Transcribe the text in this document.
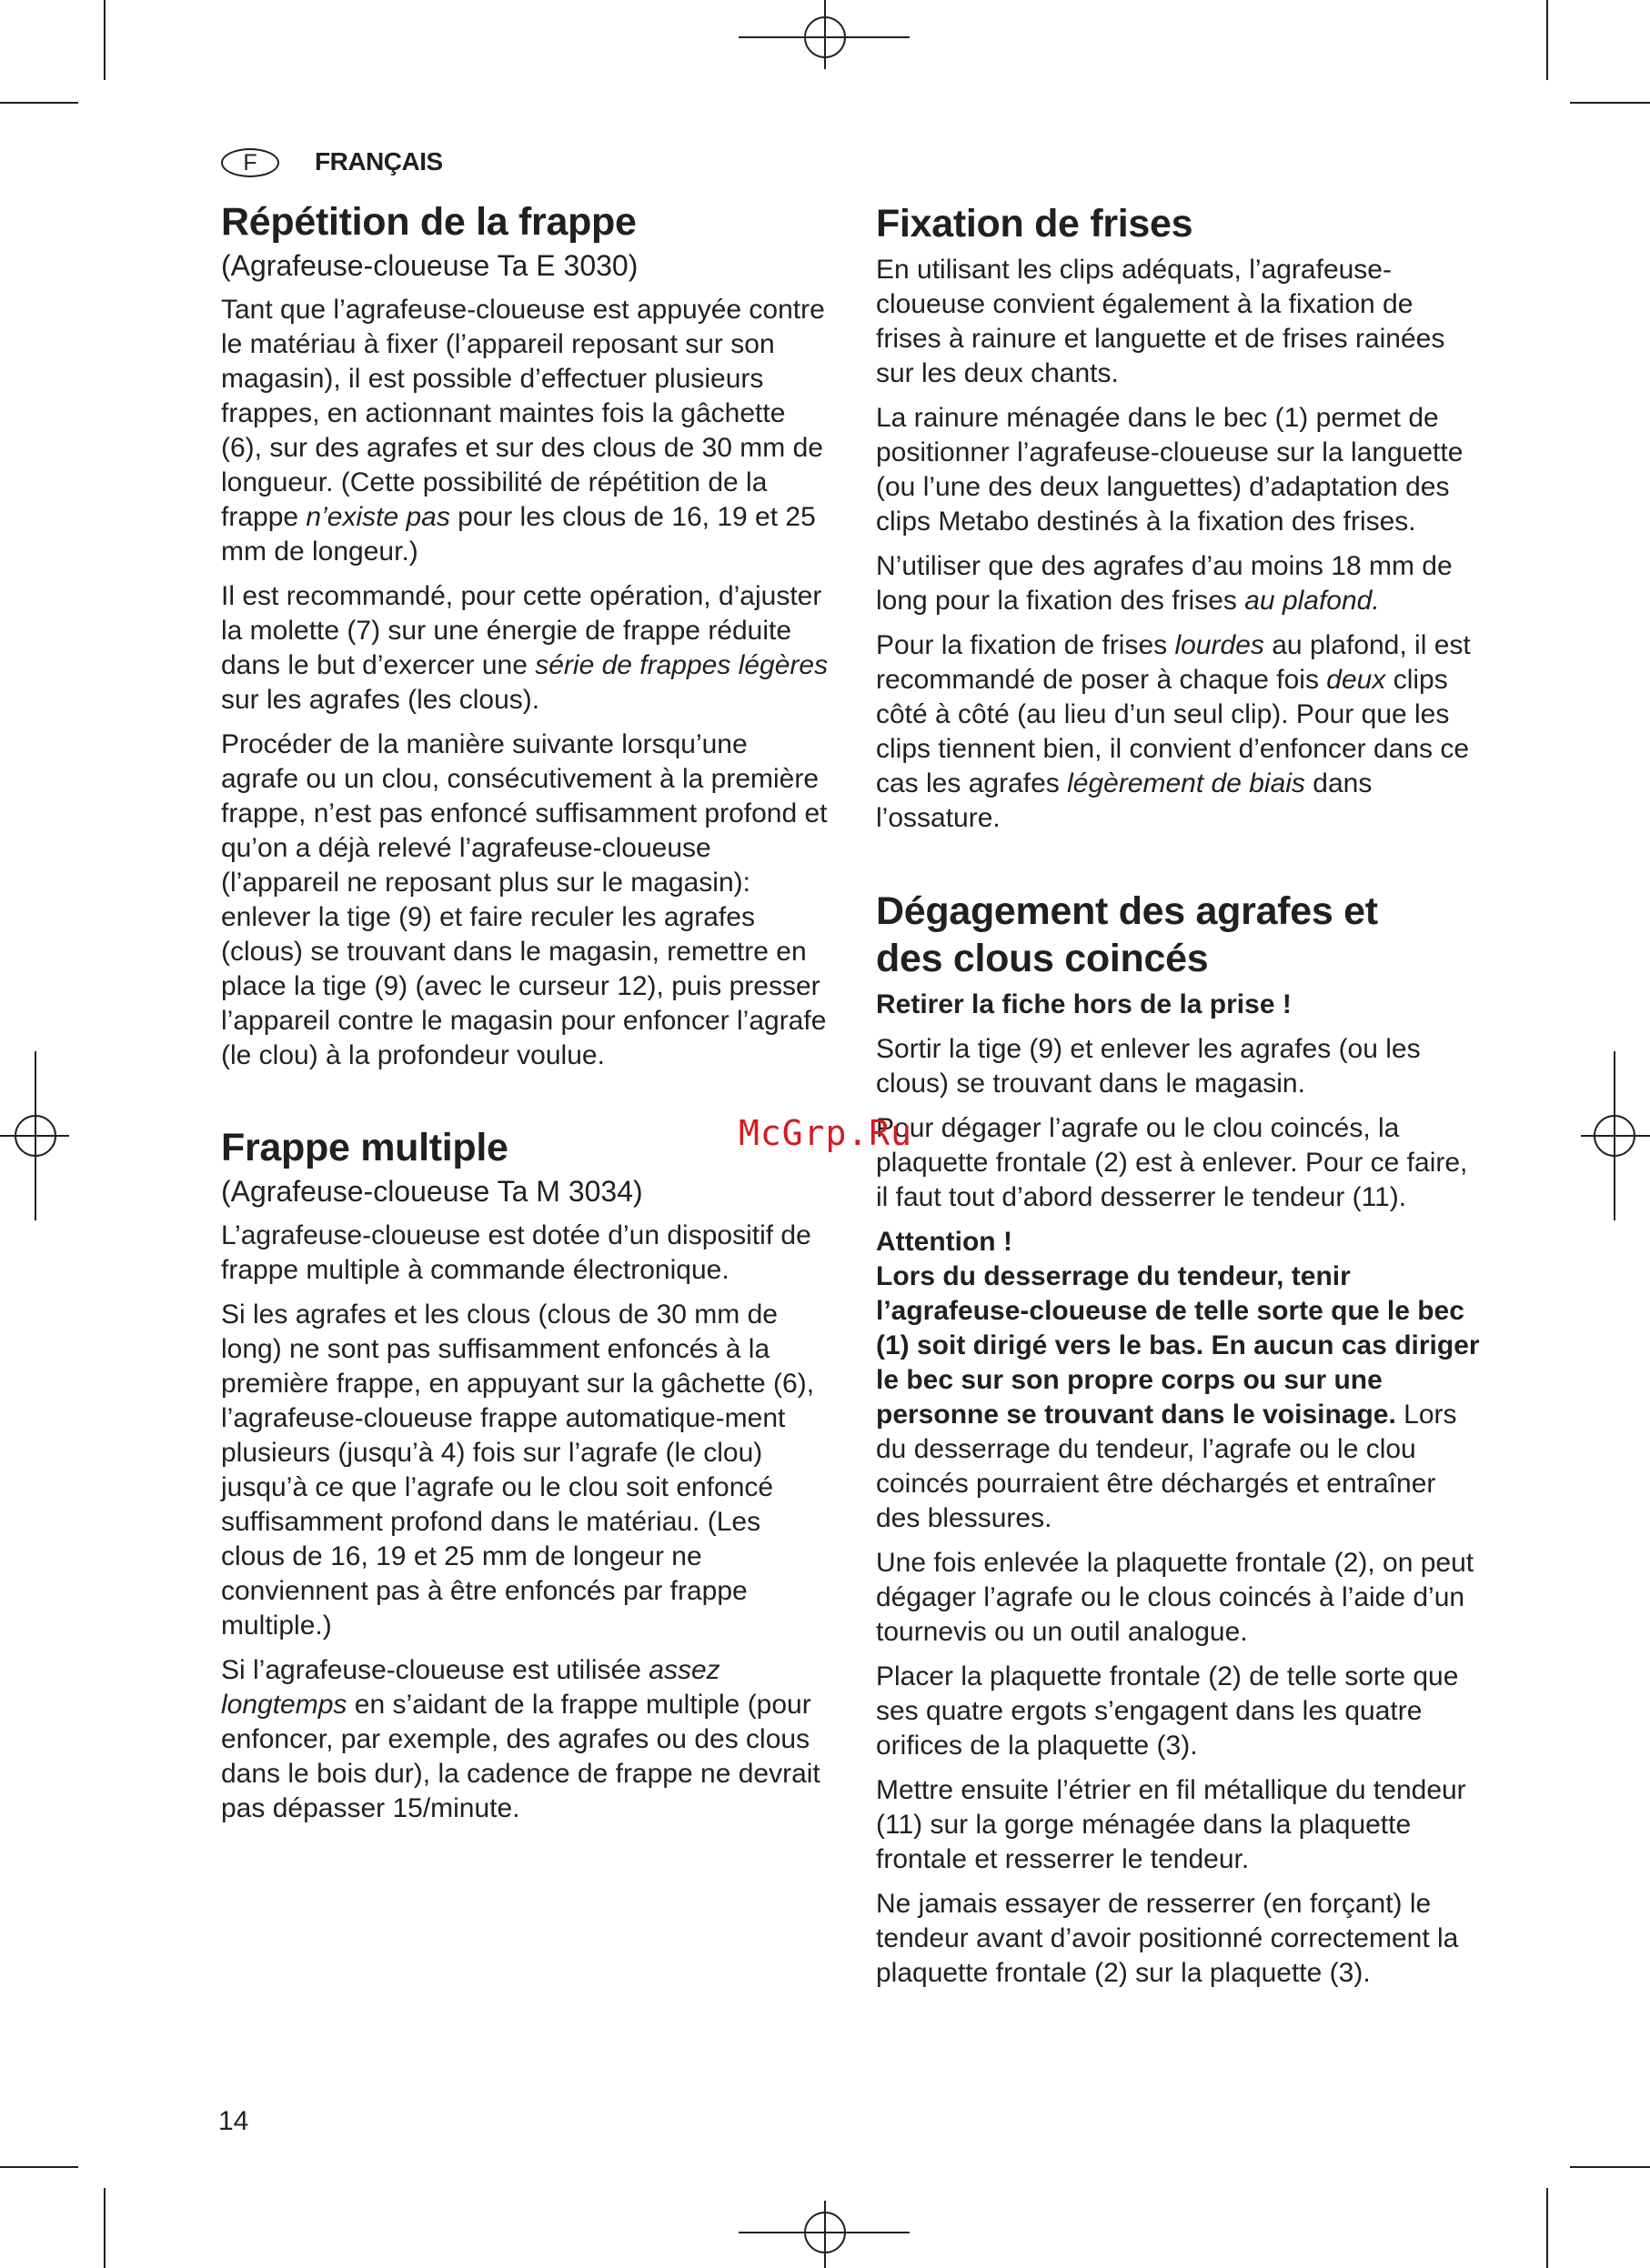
F	FRANÇAIS
Répétition de la frappe
(Agrafeuse-cloueuse Ta E 3030)

Tant que l’agrafeuse-cloueuse est appuyée contre le matériau à fixer (l’appareil reposant sur son magasin), il est possible d’effectuer plusieurs frappes, en actionnant maintes fois la gâchette (6), sur des agrafes et sur des clous de 30 mm de longueur. (Cette possibilité de répétition de la frappe n’existe pas pour les clous de 16, 19 et 25 mm de longeur.)

Il est recommandé, pour cette opération, d’ajuster la molette (7) sur une énergie de frappe réduite dans le but d’exercer une série de frappes légères sur les agrafes (les clous).

Procéder de la manière suivante lorsqu’une agrafe ou un clou, consécutivement à la première frappe, n’est pas enfoncé suffisamment profond et qu’on a déjà relevé l’agrafeuse-cloueuse (l’appareil ne reposant plus sur le magasin): enlever la tige (9) et faire reculer les agrafes (clous) se trouvant dans le magasin, remettre en place la tige (9) (avec le curseur 12), puis presser l’appareil contre le magasin pour enfoncer l’agrafe (le clou) à la profondeur voulue.

Frappe multiple
(Agrafeuse-cloueuse Ta M 3034)

L’agrafeuse-cloueuse est dotée d’un dispositif de frappe multiple à commande électronique.

Si les agrafes et les clous (clous de 30 mm de long) ne sont pas suffisamment enfoncés à la première frappe, en appuyant sur la gâchette (6), l’agrafeuse-cloueuse frappe automatique-ment plusieurs (jusqu’à 4) fois sur l’agrafe (le clou) jusqu’à ce que l’agrafe ou le clou soit enfoncé suffisamment profond dans le matériau. (Les clous de 16, 19 et 25 mm de longeur ne conviennent pas à être enfoncés par frappe multiple.)

Si l’agrafeuse-cloueuse est utilisée assez longtemps en s’aidant de la frappe multiple (pour enfoncer, par exemple, des agrafes ou des clous dans le bois dur), la cadence de frappe ne devrait pas dépasser 15/minute.

Fixation de frises

En utilisant les clips adéquats, l’agrafeuse-cloueuse convient également à la fixation de frises à rainure et languette et de frises rainées sur les deux chants.

La rainure ménagée dans le bec (1) permet de positionner l’agrafeuse-cloueuse sur la languette (ou l’une des deux languettes) d’adaptation des clips Metabo destinés à la fixation des frises.

N’utiliser que des agrafes d’au moins 18 mm de long pour la fixation des frises au plafond.

Pour la fixation de frises lourdes au plafond, il est recommandé de poser à chaque fois deux clips côté à côté (au lieu d’un seul clip). Pour que les clips tiennent bien, il convient d’enfoncer dans ce cas les agrafes légèrement de biais dans l’ossature.

Dégagement des agrafes et
des clous coincés

Retirer la fiche hors de la prise !

Sortir la tige (9) et enlever les agrafes (ou les clous) se trouvant dans le magasin.

Pour dégager l’agrafe ou le clou coincés, la plaquette frontale (2) est à enlever. Pour ce faire, il faut tout d’abord desserrer le tendeur (11).

Attention !
Lors du desserrage du tendeur, tenir l’agrafeuse-cloueuse de telle sorte que le bec (1) soit dirigé vers le bas. En aucun cas diriger le bec sur son propre corps ou sur une personne se trouvant dans le voisinage. Lors du desserrage du tendeur, l’agrafe ou le clou coincés pourraient être déchargés et entraîner des blessures.

Une fois enlevée la plaquette frontale (2), on peut dégager l’agrafe ou le clous coincés à l’aide d’un tournevis ou un outil analogue.

Placer la plaquette frontale (2) de telle sorte que ses quatre ergots s’engagent dans les quatre orifices de la plaquette (3).

Mettre ensuite l’étrier en fil métallique du tendeur (11) sur la gorge ménagée dans la plaquette frontale et resserrer le tendeur.

Ne jamais essayer de resserrer (en forçant) le tendeur avant d’avoir positionné correctement la plaquette frontale (2) sur la plaquette (3).

McGrp.Ru
14
